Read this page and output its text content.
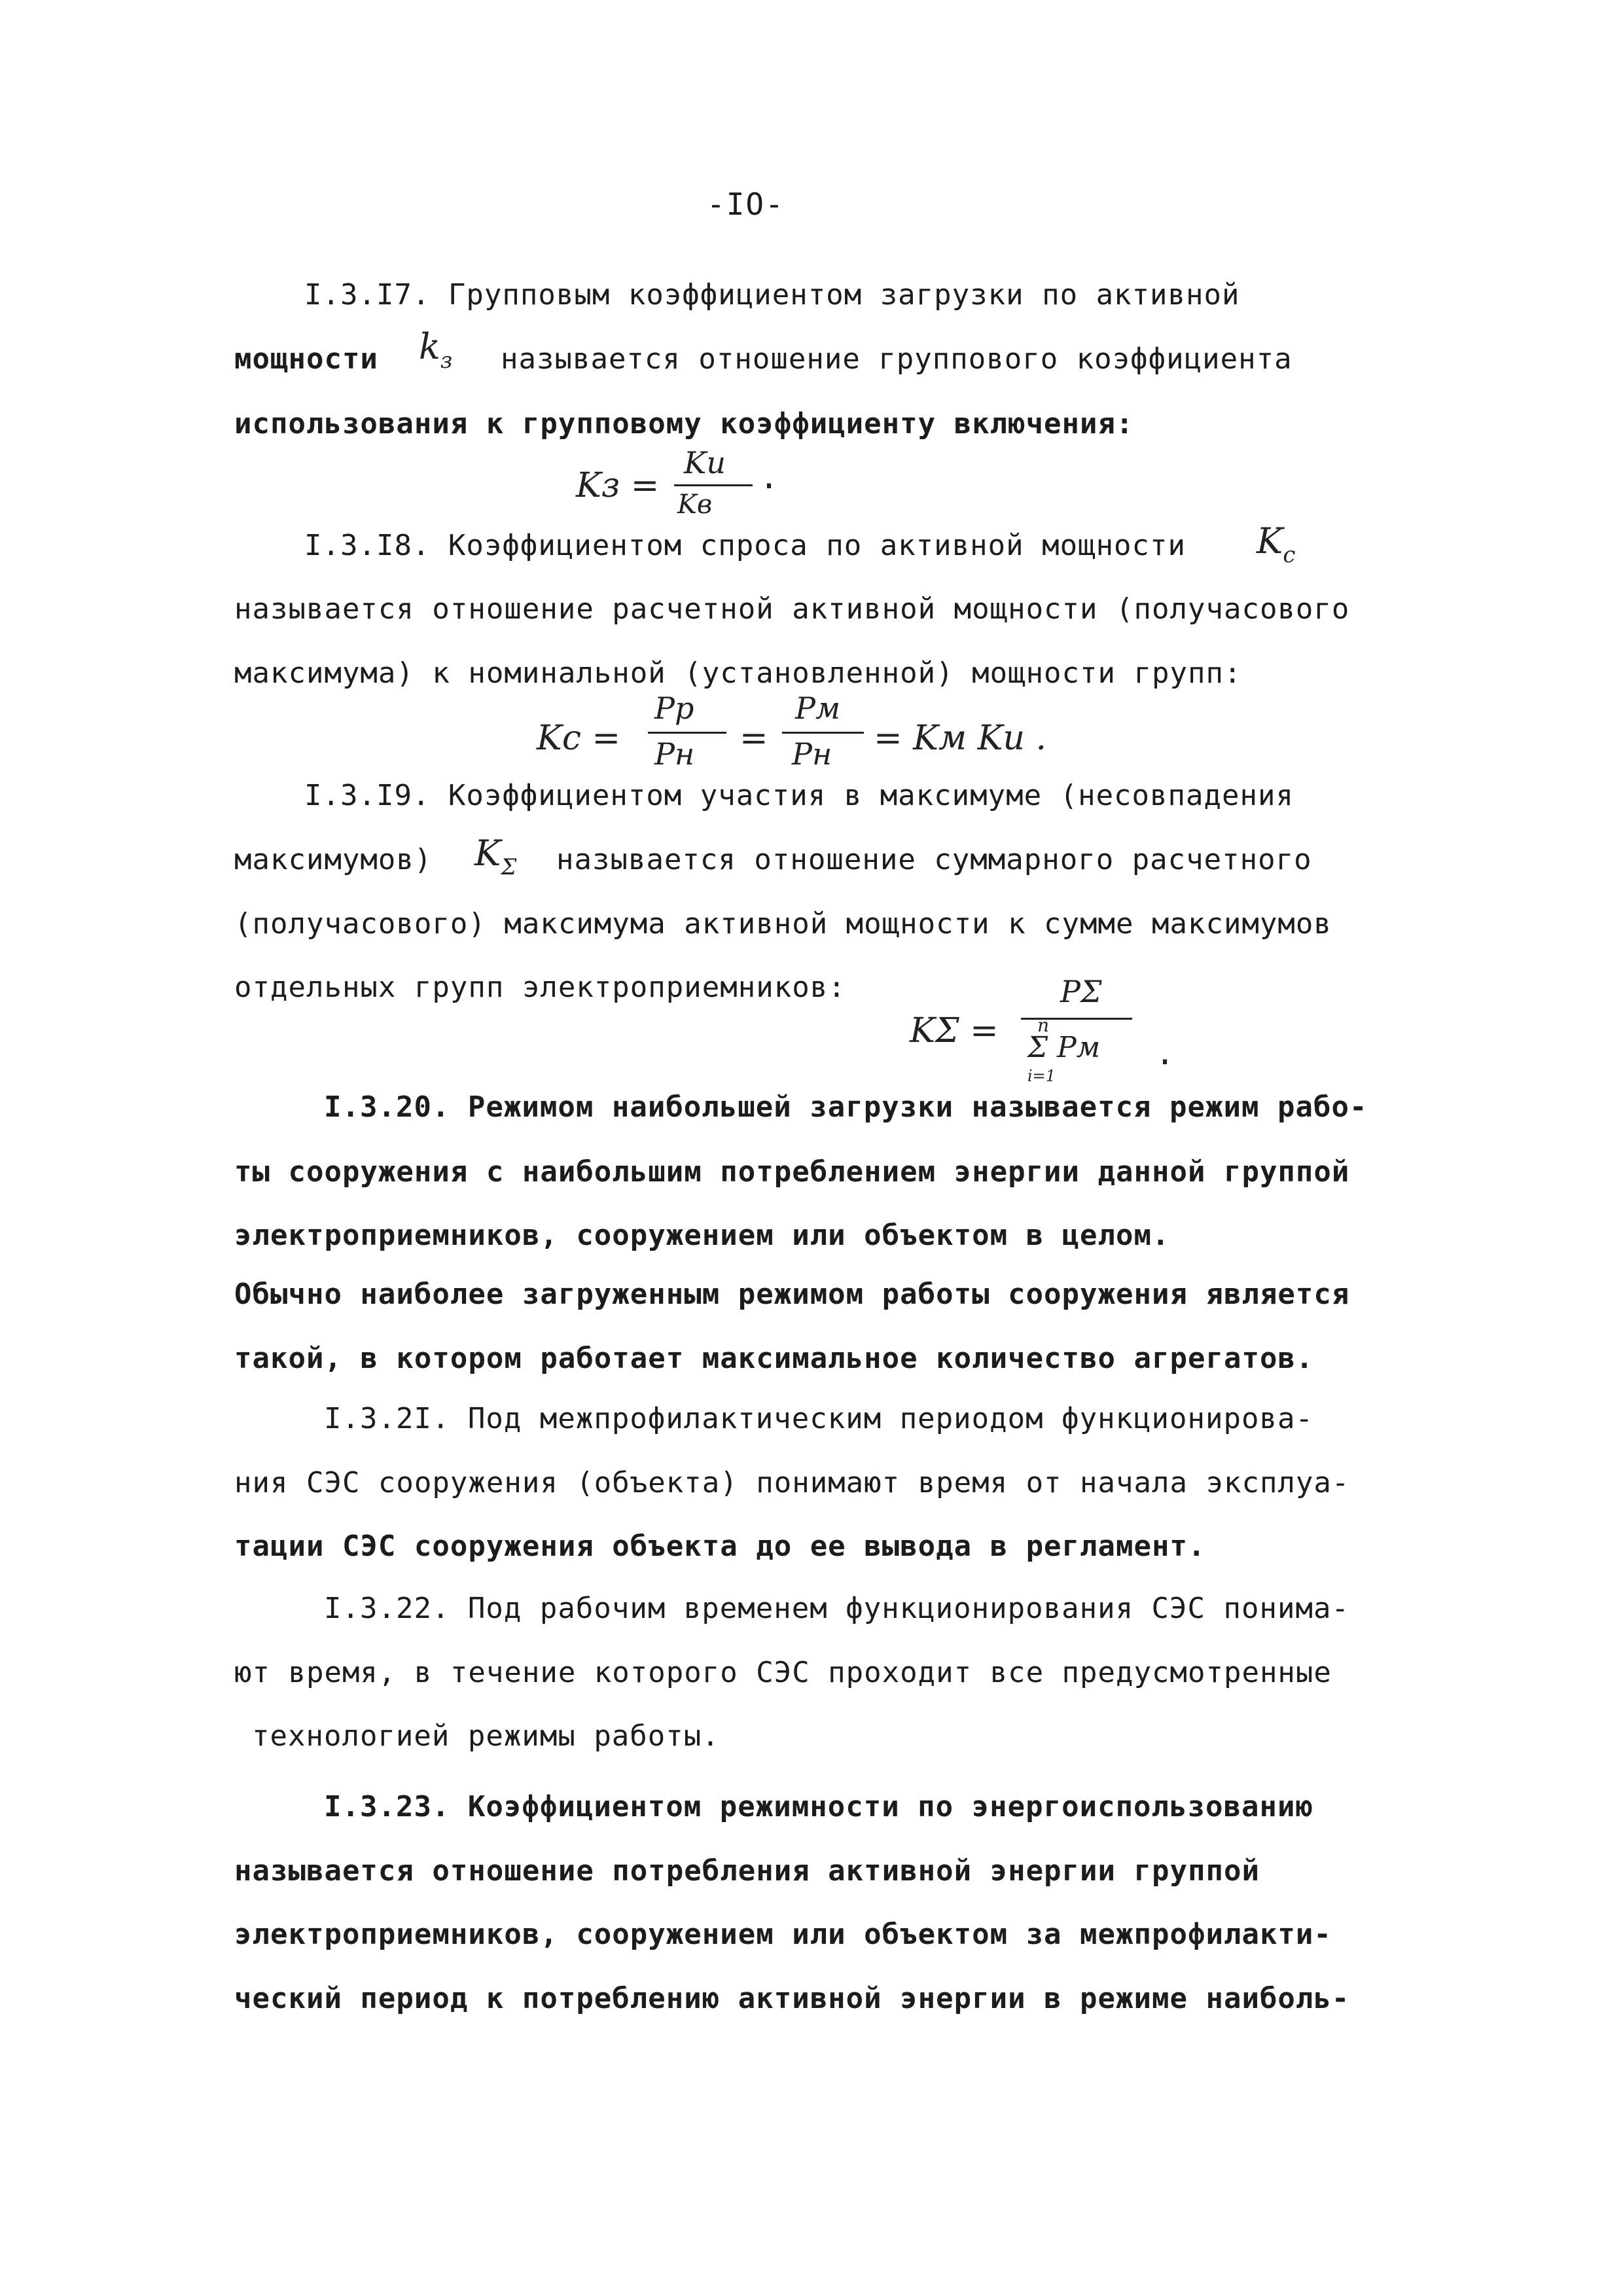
-IO-
I.3.I7. Групповым коэффициентом загрузки по активной
мощности $k_з$ называется отношение группового коэффициента
использования к групповому коэффициенту включения:
Kз =
Kи
Kв
.
I.3.I8. Коэффициентом спроса по активной мощности $K_c$
называется отношение расчетной активной мощности (получасового
максимума) к номинальной (установленной) мощности групп:
Kc =
Pp
Pн =
Pм
Pн = Kм Kи .
I.3.I9. Коэффициентом участия в максимуме (несовпадения
максимумов) $K_\Sigma$ называется отношение суммарного расчетного
(получасового) максимума активной мощности к сумме максимумов
отдельных групп электроприемников:
KΣ =
PΣ
n
Σ Pм
i=1
.
I.3.20. Режимом наибольшей загрузки называется режим рабо-
ты сооружения с наибольшим потреблением энергии данной группой
электроприемников, сооружением или объектом в целом.
Обычно наиболее загруженным режимом работы сооружения является
такой, в котором работает максимальное количество агрегатов.
I.3.2I. Под межпрофилактическим периодом функционирова-
ния СЭС сооружения (объекта) понимают время от начала эксплуа-
тации СЭС сооружения объекта до ее вывода в регламент.
I.3.22. Под рабочим временем функционирования СЭС понима-
ют время, в течение которого СЭС проходит все предусмотренные
технологией режимы работы.
I.3.23. Коэффициентом режимности по энергоиспользованию
называется отношение потребления активной энергии группой
электроприемников, сооружением или объектом за межпрофилакти-
ческий период к потреблению активной энергии в режиме наиболь-
